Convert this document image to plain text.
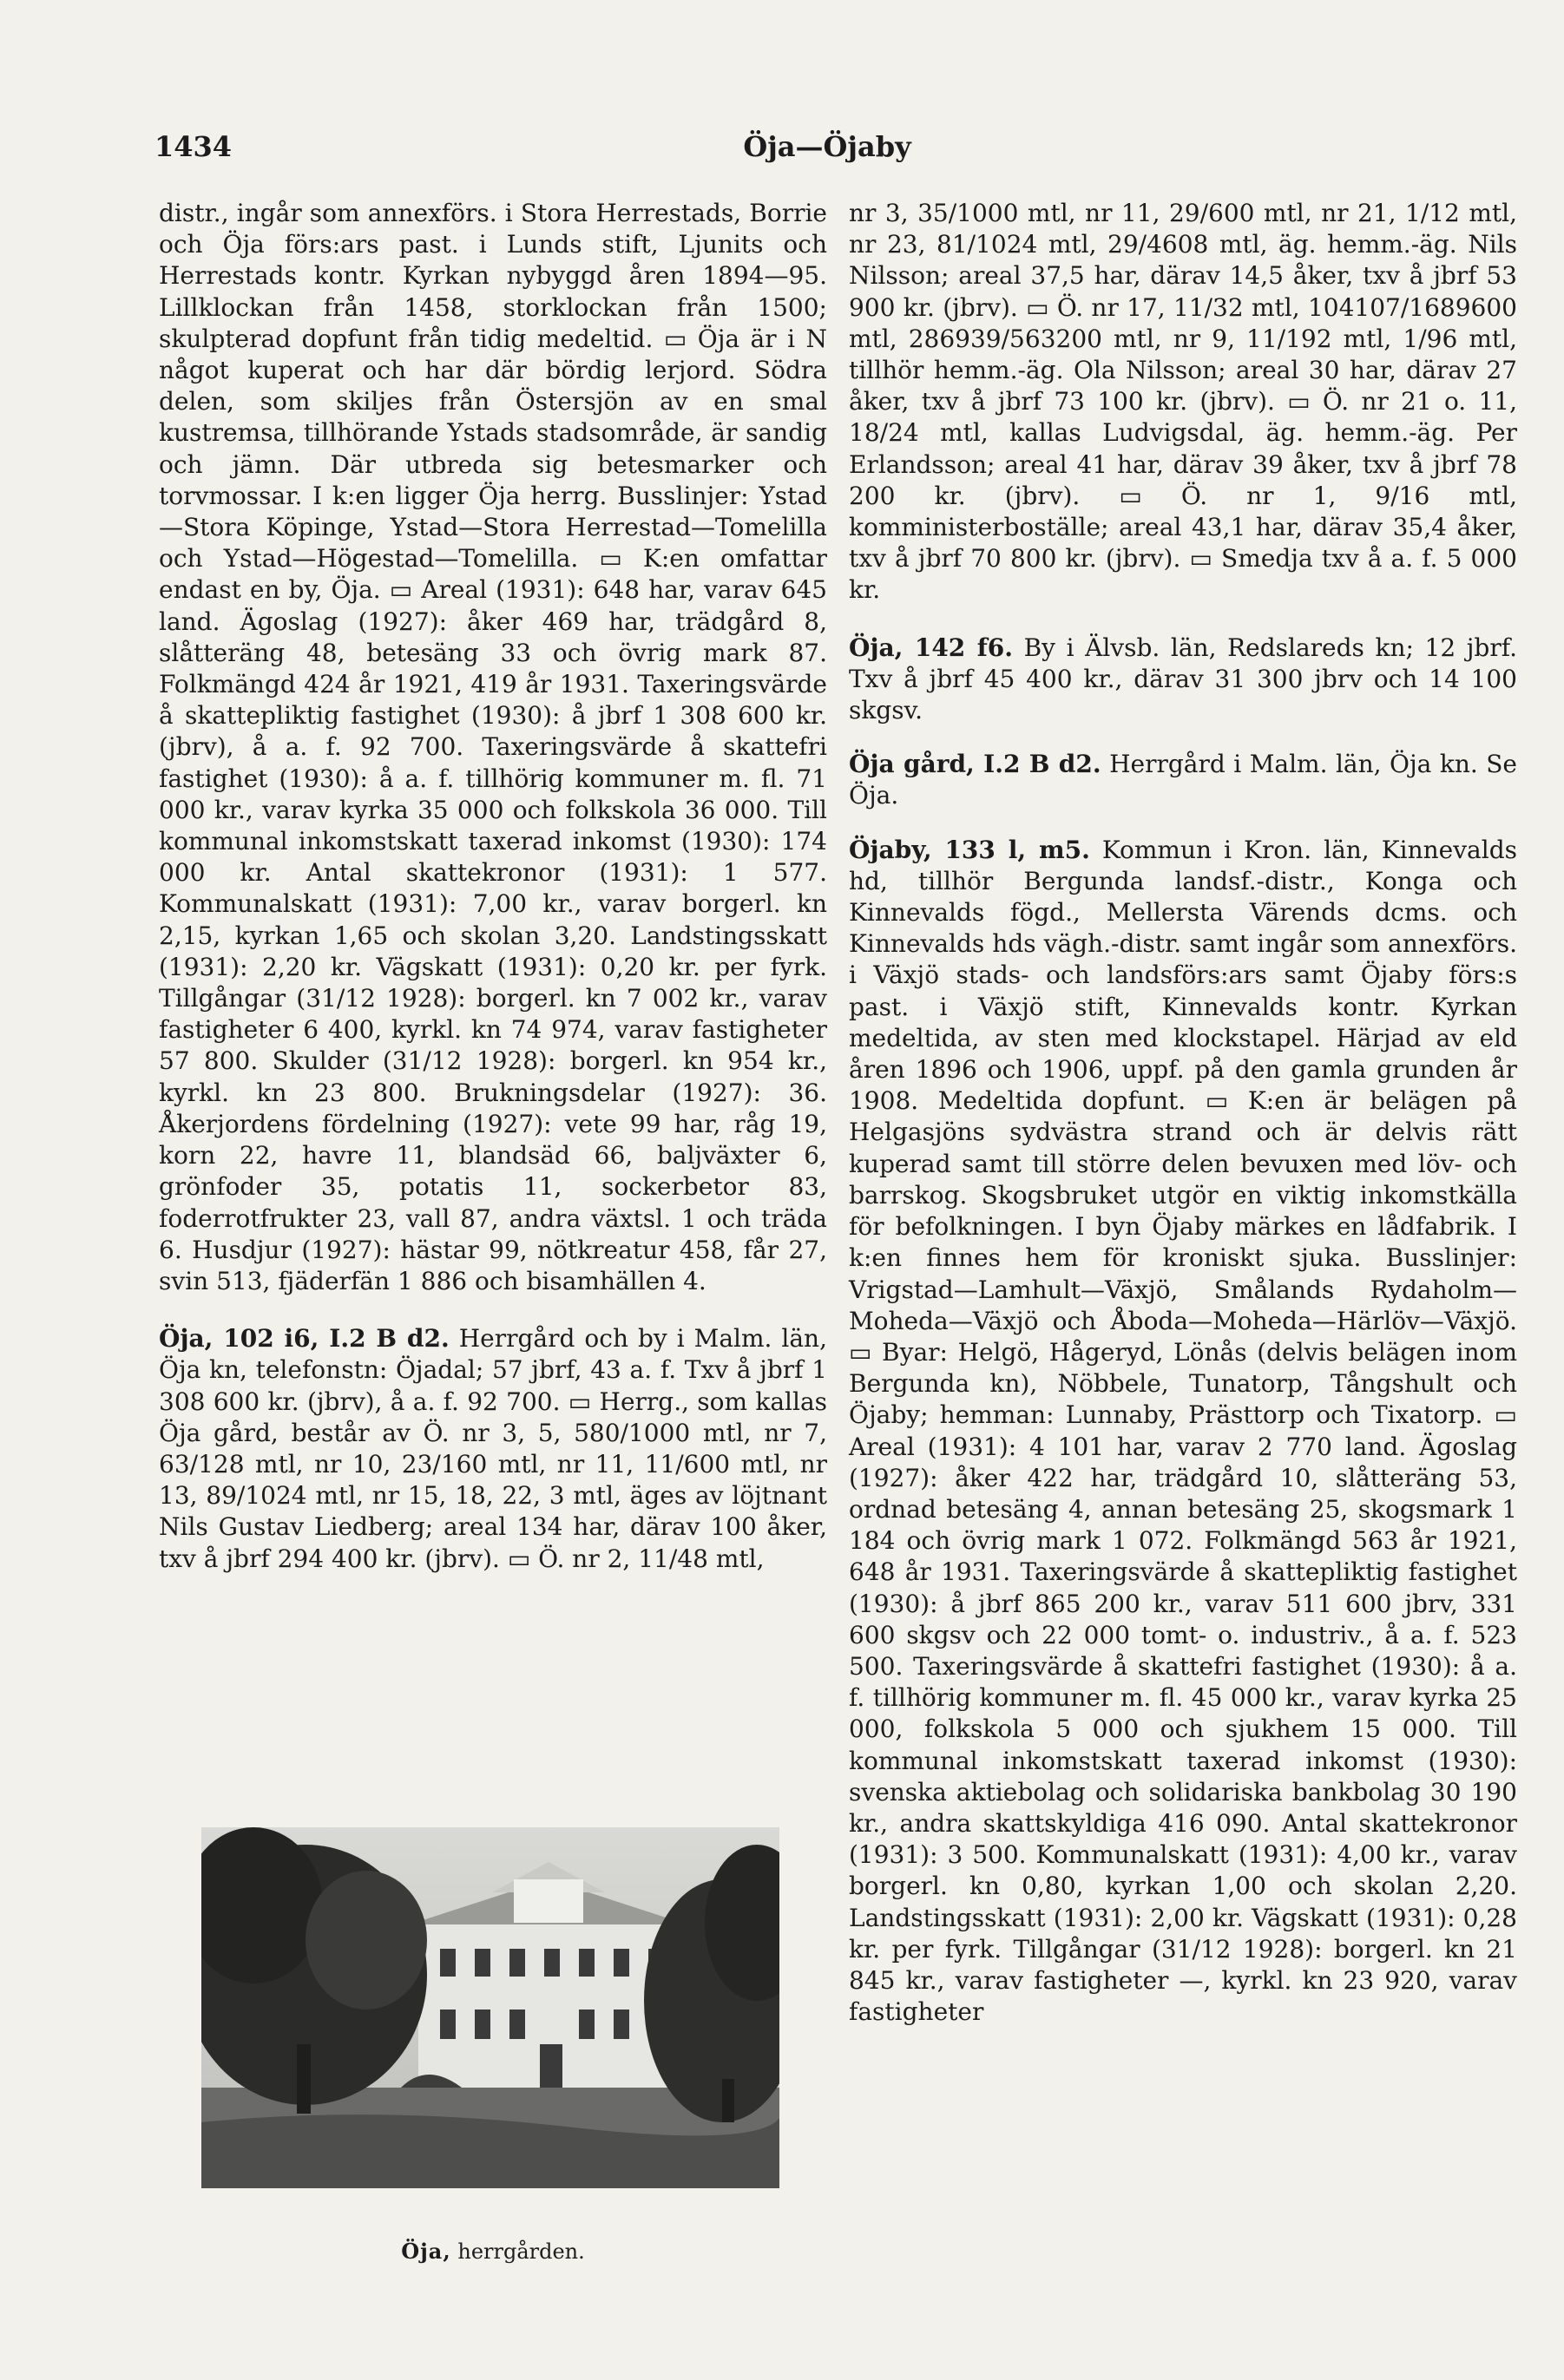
1434	Öja—Öjaby

distr., ingår som annexförs. i Stora Herrestads, Borrie och Öja förs:ars past. i Lunds stift, Ljunits och Herrestads kontr. Kyrkan nybyggd åren 1894—95. Lillklockan från 1458, storklockan från 1500; skulpterad dopfunt från tidig medeltid. ▭ Öja är i N något kuperat och har där bördig lerjord. Södra delen, som skiljes från Östersjön av en smal kustremsa, tillhörande Ystads stadsområde, är sandig och jämn. Där utbreda sig betesmarker och torvmossar. I k:en ligger Öja herrg. Busslinjer: Ystad—Stora Köpinge, Ystad—Stora Herrestad—Tomelilla och Ystad—Högestad—Tomelilla. ▭ K:en omfattar endast en by, Öja. ▭ Areal (1931): 648 har, varav 645 land. Ägoslag (1927): åker 469 har, trädgård 8, slåtteräng 48, betesäng 33 och övrig mark 87. Folkmängd 424 år 1921, 419 år 1931. Taxeringsvärde å skattepliktig fastighet (1930): å jbrf 1 308 600 kr. (jbrv), å a. f. 92 700. Taxeringsvärde å skattefri fastighet (1930): å a. f. tillhörig kommuner m. fl. 71 000 kr., varav kyrka 35 000 och folkskola 36 000. Till kommunal inkomstskatt taxerad inkomst (1930): 174 000 kr. Antal skattekronor (1931): 1 577. Kommunalskatt (1931): 7,00 kr., varav borgerl. kn 2,15, kyrkan 1,65 och skolan 3,20. Landstingsskatt (1931): 2,20 kr. Vägskatt (1931): 0,20 kr. per fyrk. Tillgångar (31/12 1928): borgerl. kn 7 002 kr., varav fastigheter 6 400, kyrkl. kn 74 974, varav fastigheter 57 800. Skulder (31/12 1928): borgerl. kn 954 kr., kyrkl. kn 23 800. Brukningsdelar (1927): 36. Åkerjordens fördelning (1927): vete 99 har, råg 19, korn 22, havre 11, blandsäd 66, baljväxter 6, grönfoder 35, potatis 11, sockerbetor 83, foderrotfrukter 23, vall 87, andra växtsl. 1 och träda 6. Husdjur (1927): hästar 99, nötkreatur 458, får 27, svin 513, fjäderfän 1 886 och bisamhällen 4.

Öja, 102 i6, I.2 B d2. Herrgård och by i Malm. län, Öja kn, telefonstn: Öjadal; 57 jbrf, 43 a. f. Txv å jbrf 1 308 600 kr. (jbrv), å a. f. 92 700. ▭ Herrg., som kallas Öja gård, består av Ö. nr 3, 5, 580/1000 mtl, nr 7, 63/128 mtl, nr 10, 23/160 mtl, nr 11, 11/600 mtl, nr 13, 89/1024 mtl, nr 15, 18, 22, 3 mtl, äges av löjtnant Nils Gustav Liedberg; areal 134 har, därav 100 åker, txv å jbrf 294 400 kr. (jbrv). ▭ Ö. nr 2, 11/48 mtl,

Öja, herrgården.

nr 3, 35/1000 mtl, nr 11, 29/600 mtl, nr 21, 1/12 mtl, nr 23, 81/1024 mtl, 29/4608 mtl, äg. hemm.-äg. Nils Nilsson; areal 37,5 har, därav 14,5 åker, txv å jbrf 53 900 kr. (jbrv). ▭ Ö. nr 17, 11/32 mtl, 104107/1689600 mtl, 286939/563200 mtl, nr 9, 11/192 mtl, 1/96 mtl, tillhör hemm.-äg. Ola Nilsson; areal 30 har, därav 27 åker, txv å jbrf 73 100 kr. (jbrv). ▭ Ö. nr 21 o. 11, 18/24 mtl, kallas Ludvigsdal, äg. hemm.-äg. Per Erlandsson; areal 41 har, därav 39 åker, txv å jbrf 78 200 kr. (jbrv). ▭ Ö. nr 1, 9/16 mtl, komministerboställe; areal 43,1 har, därav 35,4 åker, txv å jbrf 70 800 kr. (jbrv). ▭ Smedja txv å a. f. 5 000 kr.

Öja, 142 f6. By i Älvsb. län, Redslareds kn; 12 jbrf. Txv å jbrf 45 400 kr., därav 31 300 jbrv och 14 100 skgsv.

Öja gård, I.2 B d2. Herrgård i Malm. län, Öja kn. Se Öja.

Öjaby, 133 l, m5. Kommun i Kron. län, Kinnevalds hd, tillhör Bergunda landsf.-distr., Konga och Kinnevalds fögd., Mellersta Värends dcms. och Kinnevalds hds vägh.-distr. samt ingår som annexförs. i Växjö stads- och landsförs:ars samt Öjaby förs:s past. i Växjö stift, Kinnevalds kontr. Kyrkan medeltida, av sten med klockstapel. Härjad av eld åren 1896 och 1906, uppf. på den gamla grunden år 1908. Medeltida dopfunt. ▭ K:en är belägen på Helgasjöns sydvästra strand och är delvis rätt kuperad samt till större delen bevuxen med löv- och barrskog. Skogsbruket utgör en viktig inkomstkälla för befolkningen. I byn Öjaby märkes en lådfabrik. I k:en finnes hem för kroniskt sjuka. Busslinjer: Vrigstad—Lamhult—Växjö, Smålands Rydaholm—Moheda—Växjö och Åboda—Moheda—Härlöv—Växjö. ▭ Byar: Helgö, Hågeryd, Lönås (delvis belägen inom Bergunda kn), Nöbbele, Tunatorp, Tångshult och Öjaby; hemman: Lunnaby, Prästtorp och Tixatorp. ▭ Areal (1931): 4 101 har, varav 2 770 land. Ägoslag (1927): åker 422 har, trädgård 10, slåtteräng 53, ordnad betesäng 4, annan betesäng 25, skogsmark 1 184 och övrig mark 1 072. Folkmängd 563 år 1921, 648 år 1931. Taxeringsvärde å skattepliktig fastighet (1930): å jbrf 865 200 kr., varav 511 600 jbrv, 331 600 skgsv och 22 000 tomt- o. industriv., å a. f. 523 500. Taxeringsvärde å skattefri fastighet (1930): å a. f. tillhörig kommuner m. fl. 45 000 kr., varav kyrka 25 000, folkskola 5 000 och sjukhem 15 000. Till kommunal inkomstskatt taxerad inkomst (1930): svenska aktiebolag och solidariska bankbolag 30 190 kr., andra skattskyldiga 416 090. Antal skattekronor (1931): 3 500. Kommunalskatt (1931): 4,00 kr., varav borgerl. kn 0,80, kyrkan 1,00 och skolan 2,20. Landstingsskatt (1931): 2,00 kr. Vägskatt (1931): 0,28 kr. per fyrk. Tillgångar (31/12 1928): borgerl. kn 21 845 kr., varav fastigheter —, kyrkl. kn 23 920, varav fastigheter
